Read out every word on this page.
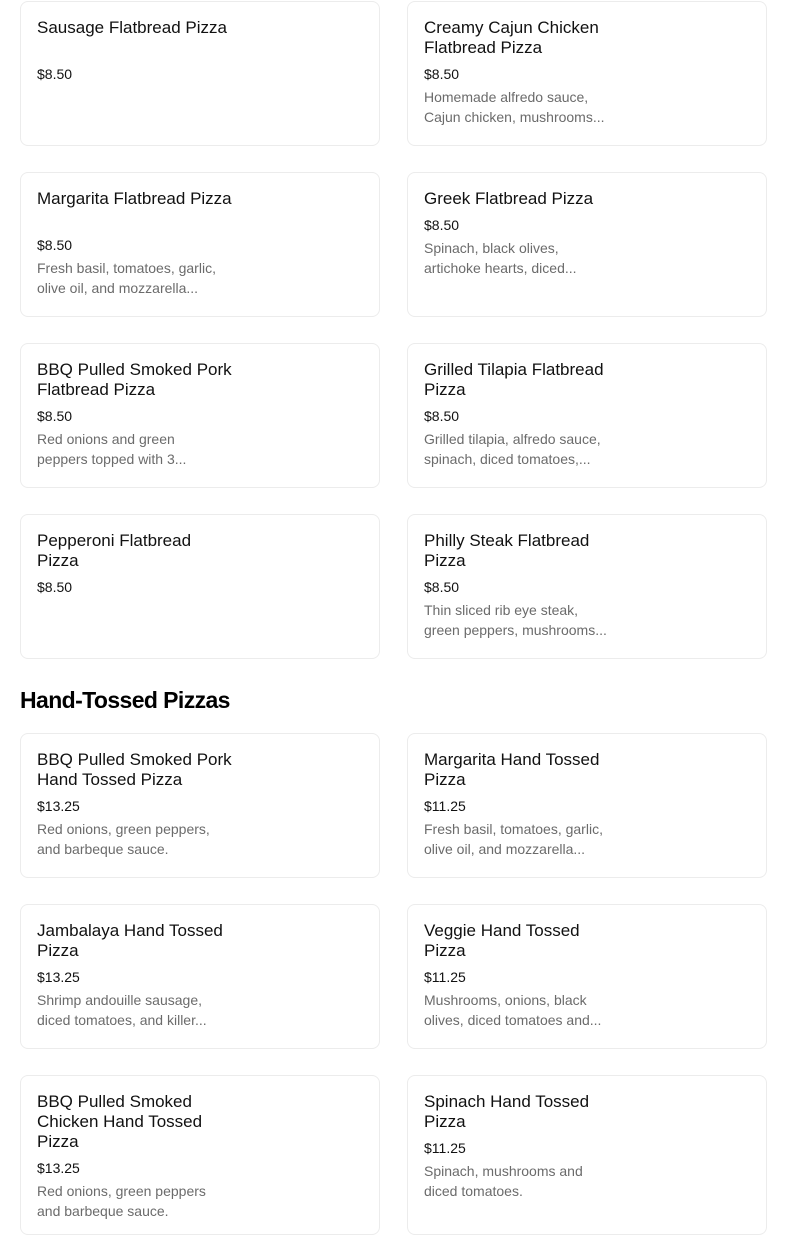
Sausage Flatbread Pizza
$8.50
Creamy Cajun Chicken Flatbread Pizza
$8.50
Homemade alfredo sauce, Cajun chicken, mushrooms...
Margarita Flatbread Pizza
$8.50
Fresh basil, tomatoes, garlic, olive oil, and mozzarella...
Greek Flatbread Pizza
$8.50
Spinach, black olives, artichoke hearts, diced...
BBQ Pulled Smoked Pork Flatbread Pizza
$8.50
Red onions and green peppers topped with 3...
Grilled Tilapia Flatbread Pizza
$8.50
Grilled tilapia, alfredo sauce, spinach, diced tomatoes,...
Pepperoni Flatbread Pizza
$8.50
Philly Steak Flatbread Pizza
$8.50
Thin sliced rib eye steak, green peppers, mushrooms...
Hand-Tossed Pizzas
BBQ Pulled Smoked Pork Hand Tossed Pizza
$13.25
Red onions, green peppers, and barbeque sauce.
Margarita Hand Tossed Pizza
$11.25
Fresh basil, tomatoes, garlic, olive oil, and mozzarella...
Jambalaya Hand Tossed Pizza
$13.25
Shrimp andouille sausage, diced tomatoes, and killer...
Veggie Hand Tossed Pizza
$11.25
Mushrooms, onions, black olives, diced tomatoes and...
BBQ Pulled Smoked Chicken Hand Tossed Pizza
$13.25
Red onions, green peppers and barbeque sauce.
Spinach Hand Tossed Pizza
$11.25
Spinach, mushrooms and diced tomatoes.
